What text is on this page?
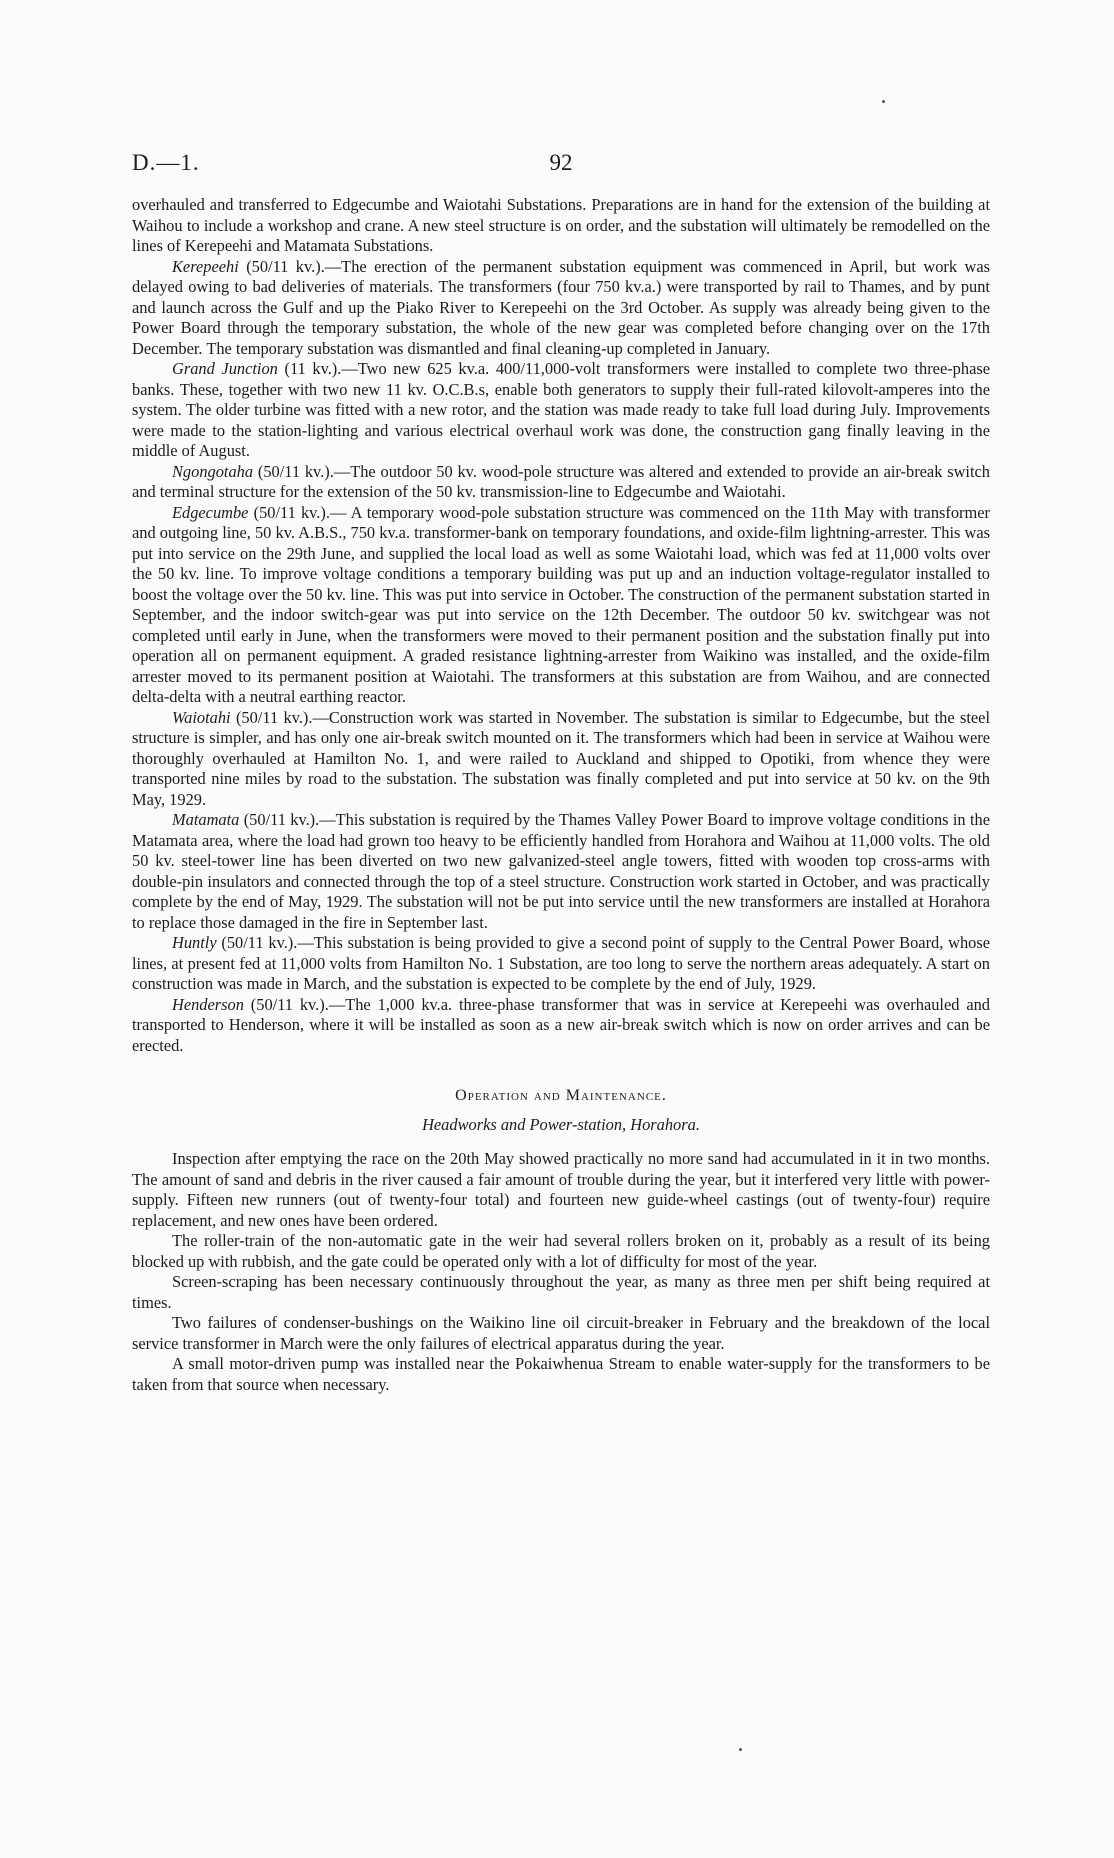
D.—1.	92

overhauled and transferred to Edgecumbe and Waiotahi Substations. Preparations are in hand for the extension of the building at Waihou to include a workshop and crane. A new steel structure is on order, and the substation will ultimately be remodelled on the lines of Kerepeehi and Matamata Substations.

Kerepeehi (50/11 kv.).—The erection of the permanent substation equipment was commenced in April, but work was delayed owing to bad deliveries of materials. The transformers (four 750 kv.a.) were transported by rail to Thames, and by punt and launch across the Gulf and up the Piako River to Kerepeehi on the 3rd October. As supply was already being given to the Power Board through the temporary substation, the whole of the new gear was completed before changing over on the 17th December. The temporary substation was dismantled and final cleaning-up completed in January.

Grand Junction (11 kv.).—Two new 625 kv.a. 400/11,000-volt transformers were installed to complete two three-phase banks. These, together with two new 11 kv. O.C.B.s, enable both generators to supply their full-rated kilovolt-amperes into the system. The older turbine was fitted with a new rotor, and the station was made ready to take full load during July. Improvements were made to the station-lighting and various electrical overhaul work was done, the construction gang finally leaving in the middle of August.

Ngongotaha (50/11 kv.).—The outdoor 50 kv. wood-pole structure was altered and extended to provide an air-break switch and terminal structure for the extension of the 50 kv. transmission-line to Edgecumbe and Waiotahi.

Edgecumbe (50/11 kv.).— A temporary wood-pole substation structure was commenced on the 11th May with transformer and outgoing line, 50 kv. A.B.S., 750 kv.a. transformer-bank on temporary foundations, and oxide-film lightning-arrester. This was put into service on the 29th June, and supplied the local load as well as some Waiotahi load, which was fed at 11,000 volts over the 50 kv. line. To improve voltage conditions a temporary building was put up and an induction voltage-regulator installed to boost the voltage over the 50 kv. line. This was put into service in October. The construction of the permanent substation started in September, and the indoor switch-gear was put into service on the 12th December. The outdoor 50 kv. switchgear was not completed until early in June, when the transformers were moved to their permanent position and the substation finally put into operation all on permanent equipment. A graded resistance lightning-arrester from Waikino was installed, and the oxide-film arrester moved to its permanent position at Waiotahi. The transformers at this substation are from Waihou, and are connected delta-delta with a neutral earthing reactor.

Waiotahi (50/11 kv.).—Construction work was started in November. The substation is similar to Edgecumbe, but the steel structure is simpler, and has only one air-break switch mounted on it. The transformers which had been in service at Waihou were thoroughly overhauled at Hamilton No. 1, and were railed to Auckland and shipped to Opotiki, from whence they were transported nine miles by road to the substation. The substation was finally completed and put into service at 50 kv. on the 9th May, 1929.

Matamata (50/11 kv.).—This substation is required by the Thames Valley Power Board to improve voltage conditions in the Matamata area, where the load had grown too heavy to be efficiently handled from Horahora and Waihou at 11,000 volts. The old 50 kv. steel-tower line has been diverted on two new galvanized-steel angle towers, fitted with wooden top cross-arms with double-pin insulators and connected through the top of a steel structure. Construction work started in October, and was practically complete by the end of May, 1929. The substation will not be put into service until the new transformers are installed at Horahora to replace those damaged in the fire in September last.

Huntly (50/11 kv.).—This substation is being provided to give a second point of supply to the Central Power Board, whose lines, at present fed at 11,000 volts from Hamilton No. 1 Substation, are too long to serve the northern areas adequately. A start on construction was made in March, and the substation is expected to be complete by the end of July, 1929.

Henderson (50/11 kv.).—The 1,000 kv.a. three-phase transformer that was in service at Kerepeehi was overhauled and transported to Henderson, where it will be installed as soon as a new air-break switch which is now on order arrives and can be erected.

Operation and Maintenance.
Headworks and Power-station, Horahora.

Inspection after emptying the race on the 20th May showed practically no more sand had accumulated in it in two months. The amount of sand and debris in the river caused a fair amount of trouble during the year, but it interfered very little with power-supply. Fifteen new runners (out of twenty-four total) and fourteen new guide-wheel castings (out of twenty-four) require replacement, and new ones have been ordered.

The roller-train of the non-automatic gate in the weir had several rollers broken on it, probably as a result of its being blocked up with rubbish, and the gate could be operated only with a lot of difficulty for most of the year.

Screen-scraping has been necessary continuously throughout the year, as many as three men per shift being required at times.

Two failures of condenser-bushings on the Waikino line oil circuit-breaker in February and the breakdown of the local service transformer in March were the only failures of electrical apparatus during the year.

A small motor-driven pump was installed near the Pokaiwhenua Stream to enable water-supply for the transformers to be taken from that source when necessary.
